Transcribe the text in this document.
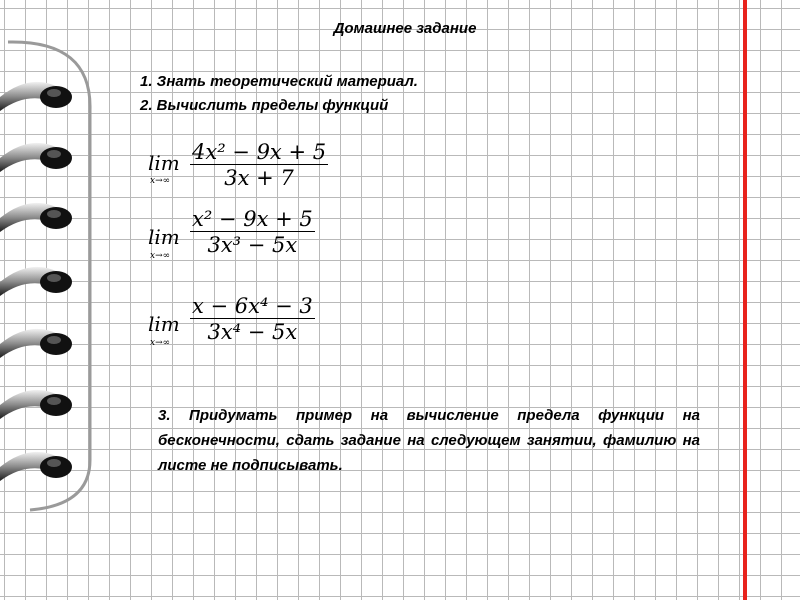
Домашнее задание
1. Знать теоретический материал.
2. Вычислить пределы функций
lim
x→∞
4x² − 9x + 5
3x + 7
lim
x→∞
x² − 9x + 5
3x³ − 5x
lim
x→∞
x − 6x⁴ − 3
3x⁴ − 5x
3. Придумать пример на вычисление предела функции на бесконечности, сдать задание на следующем занятии, фамилию на листе не подписывать.
